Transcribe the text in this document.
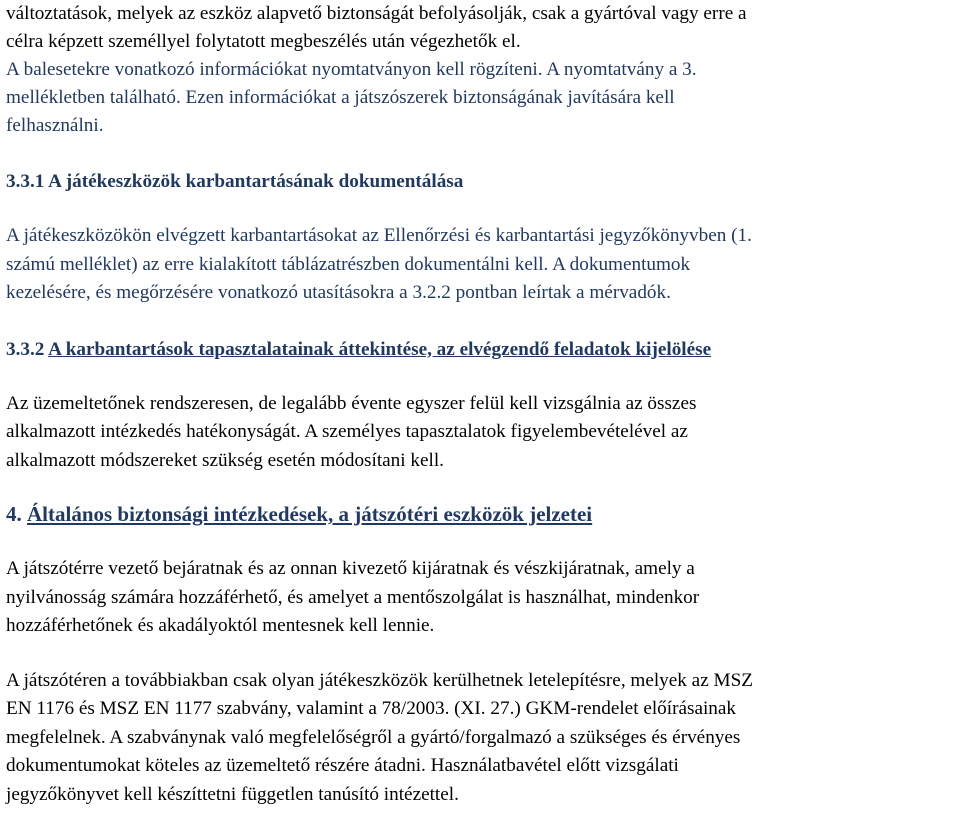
változtatások, melyek az eszköz alapvető biztonságát befolyásolják, csak a gyártóval vagy erre a
célra képzett személlyel folytatott megbeszélés után végezhetők el.
A balesetekre vonatkozó információkat nyomtatványon kell rögzíteni. A nyomtatvány a 3.
mellékletben található. Ezen információkat a játszószerek biztonságának javítására kell
felhasználni.

3.3.1 A játékeszközök karbantartásának dokumentálása

A játékeszközökön elvégzett karbantartásokat az Ellenőrzési és karbantartási jegyzőkönyvben (1.
számú melléklet) az erre kialakított táblázatrészben dokumentálni kell. A dokumentumok
kezelésére, és megőrzésére vonatkozó utasításokra a 3.2.2 pontban leírtak a mérvadók.

3.3.2 A karbantartások tapasztalatainak áttekintése, az elvégzendő feladatok kijelölése

Az üzemeltetőnek rendszeresen, de legalább évente egyszer felül kell vizsgálnia az összes
alkalmazott intézkedés hatékonyságát. A személyes tapasztalatok figyelembevételével az
alkalmazott módszereket szükség esetén módosítani kell.

4. Általános biztonsági intézkedések, a játszótéri eszközök jelzetei

A játszótérre vezető bejáratnak és az onnan kivezető kijáratnak és vészkijáratnak, amely a
nyilvánosság számára hozzáférhető, és amelyet a mentőszolgálat is használhat, mindenkor
hozzáférhetőnek és akadályoktól mentesnek kell lennie.

A játszótéren a továbbiakban csak olyan játékeszközök kerülhetnek letelepítésre, melyek az MSZ
EN 1176 és MSZ EN 1177 szabvány, valamint a 78/2003. (XI. 27.) GKM-rendelet előírásainak
megfelelnek. A szabványnak való megfelelőségről a gyártó/forgalmazó a szükséges és érvényes
dokumentumokat köteles az üzemeltető részére átadni. Használatbavétel előtt vizsgálati
jegyzőkönyvet kell készíttetni független tanúsító intézettel.
